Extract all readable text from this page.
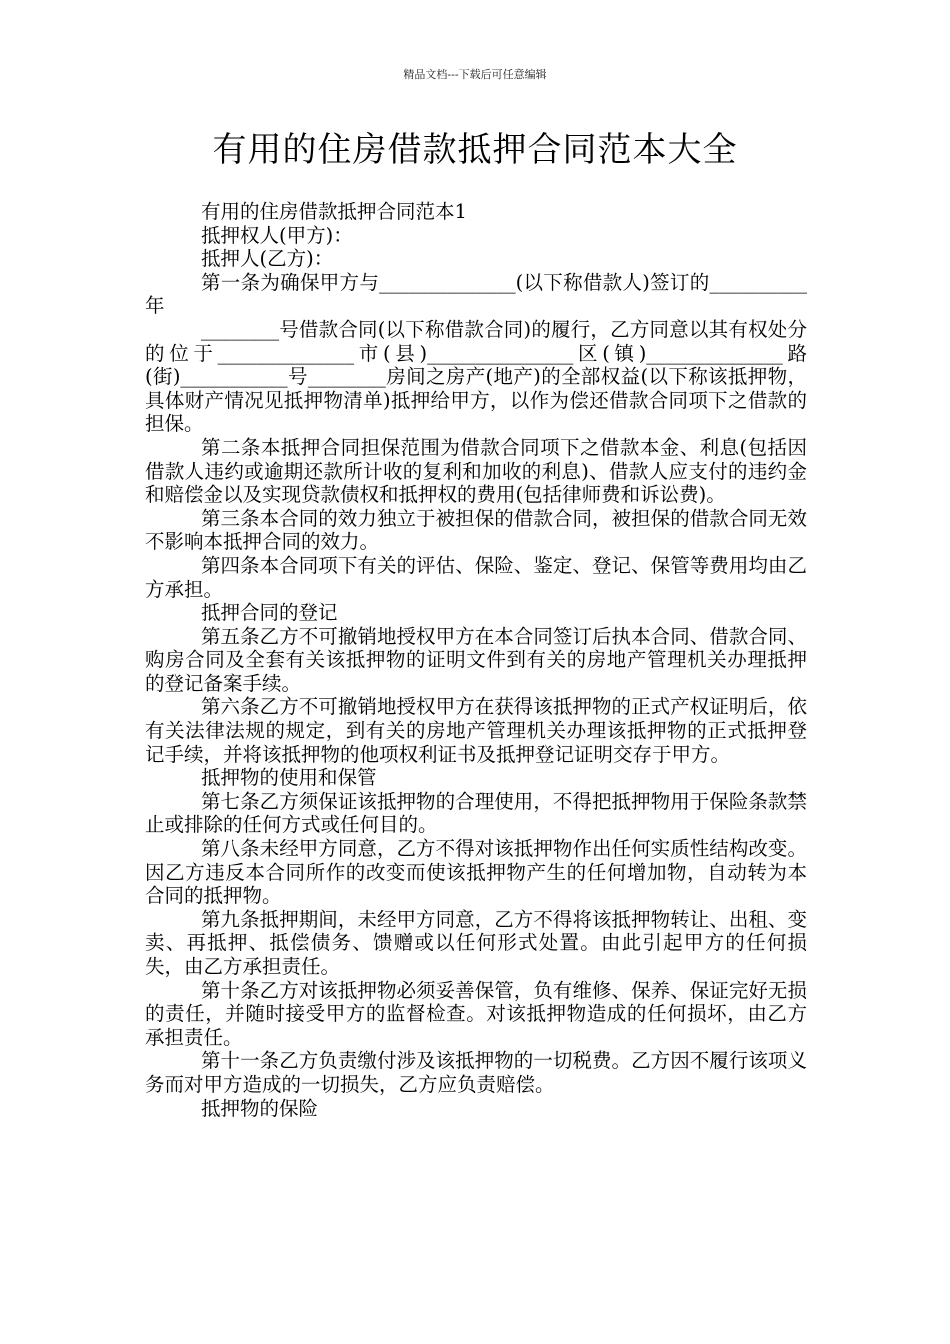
精品文档---下载后可任意编辑
有用的住房借款抵押合同范本大全

有用的住房借款抵押合同范本1

抵押权人(甲方)：

抵押人(乙方)：

第一条为确保甲方与______________(以下称借款人)签订的__________年

________号借款合同(以下称借款合同)的履行，乙方同意以其有权处分的位于______________市(县)_______________区(镇)______________路(街)___________号________房间之房产(地产)的全部权益(以下称该抵押物，具体财产情况见抵押物清单)抵押给甲方，以作为偿还借款合同项下之借款的担保。

第二条本抵押合同担保范围为借款合同项下之借款本金、利息(包括因借款人违约或逾期还款所计收的复利和加收的利息)、借款人应支付的违约金和赔偿金以及实现贷款债权和抵押权的费用(包括律师费和诉讼费)。

第三条本合同的效力独立于被担保的借款合同，被担保的借款合同无效不影响本抵押合同的效力。

第四条本合同项下有关的评估、保险、鉴定、登记、保管等费用均由乙方承担。

抵押合同的登记

第五条乙方不可撤销地授权甲方在本合同签订后执本合同、借款合同、购房合同及全套有关该抵押物的证明文件到有关的房地产管理机关办理抵押的登记备案手续。

第六条乙方不可撤销地授权甲方在获得该抵押物的正式产权证明后，依有关法律法规的规定，到有关的房地产管理机关办理该抵押物的正式抵押登记手续，并将该抵押物的他项权利证书及抵押登记证明交存于甲方。

抵押物的使用和保管

第七条乙方须保证该抵押物的合理使用，不得把抵押物用于保险条款禁止或排除的任何方式或任何目的。

第八条未经甲方同意，乙方不得对该抵押物作出任何实质性结构改变。因乙方违反本合同所作的改变而使该抵押物产生的任何增加物，自动转为本合同的抵押物。

第九条抵押期间，未经甲方同意，乙方不得将该抵押物转让、出租、变卖、再抵押、抵偿债务、馈赠或以任何形式处置。由此引起甲方的任何损失，由乙方承担责任。

第十条乙方对该抵押物必须妥善保管，负有维修、保养、保证完好无损的责任，并随时接受甲方的监督检查。对该抵押物造成的任何损坏，由乙方承担责任。

第十一条乙方负责缴付涉及该抵押物的一切税费。乙方因不履行该项义务而对甲方造成的一切损失，乙方应负责赔偿。

抵押物的保险
